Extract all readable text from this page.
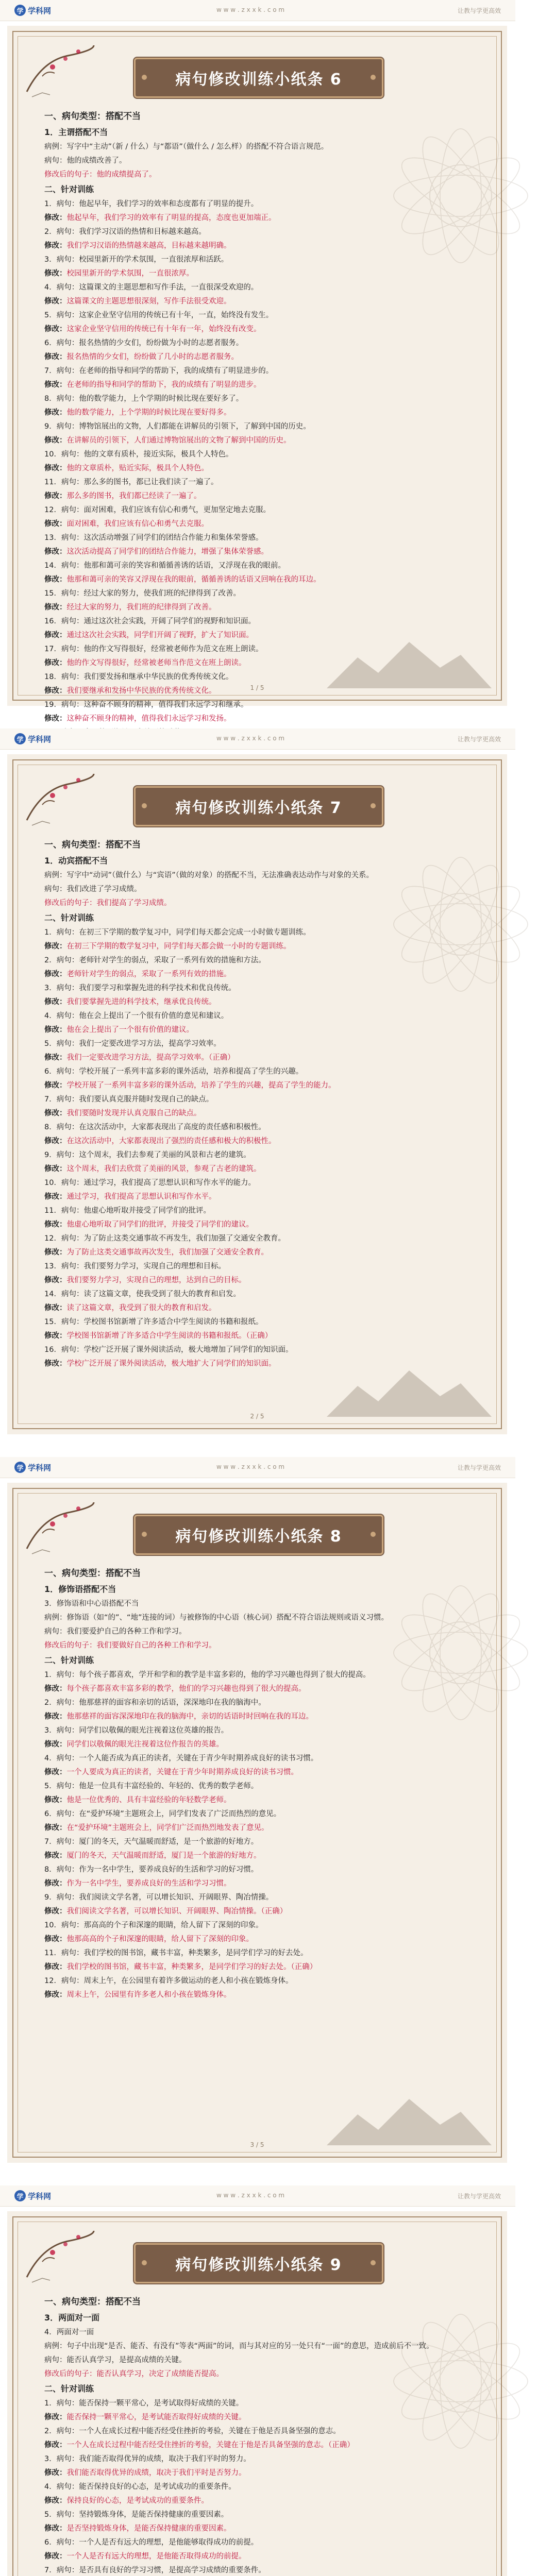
学 学科网	w w w . z x x k . c o m	让教与学更高效
病句修改训练小纸条 6
一、病句类型：搭配不当
1．主谓搭配不当
病例：写字中“主动”（新 / 什么）与“都语”（做什么 / 怎么样）的搭配不符合语言规范。
病句：他的成绩改善了。
修改后的句子：他的成绩提高了。
二、针对训练
1．病句：他起早年，我们学习的效率和态度都有了明显的提升。
修改：他起早年，我们学习的效率有了明显的提高，态度也更加端正。
2．病句：我们学习汉语的热情和目标越来越高。
修改：我们学习汉语的热情越来越高，目标越来越明确。
3．病句：校园里新开的学术氛围，一直很浓厚和活跃。
修改：校园里新开的学术氛围，一直很浓厚。
4．病句：这篇课文的主题思想和写作手法，一直很深受欢迎的。
修改：这篇课文的主题思想很深刻，写作手法很受欢迎。
5．病句：这家企业坚守信用的传统已有十年，一直，始终没有发生。
修改：这家企业坚守信用的传统已有十年有一年，始终没有改变。
6．病句：报名热情的少女们，纷纷做为小时的志愿者服务。
修改：报名热情的少女们，纷纷做了几小时的志愿者服务。
7．病句：在老师的指导和同学的帮助下，我的成绩有了明显进步的。
修改：在老师的指导和同学的帮助下，我的成绩有了明显的进步。
8．病句：他的数学能力，上个学期的时候比现在要好多了。
修改：他的数学能力，上个学期的时候比现在要好得多。
9．病句：博物馆展出的文物，人们都能在讲解员的引领下，了解到中国的历史。
修改：在讲解员的引领下，人们通过博物馆展出的文物了解到中国的历史。
10．病句：他的文章有质朴，接近实际，极具个人特色。
修改：他的文章质朴，贴近实际，极具个人特色。
11．病句：那么多的图书，都已让我们读了一遍了。
修改：那么多的图书，我们都已经读了一遍了。
12．病句：面对困难，我们应该有信心和勇气，更加坚定地去克服。
修改：面对困难，我们应该有信心和勇气去克服。
13．病句：这次活动增强了同学们的团结合作能力和集体荣誉感。
修改：这次活动提高了同学们的团结合作能力，增强了集体荣誉感。
14．病句：他那和蔼可亲的笑容和循循善诱的话语，又浮现在我的眼前。
修改：他那和蔼可亲的笑容又浮现在我的眼前，循循善诱的话语又回响在我的耳边。
15．病句：经过大家的努力，使我们班的纪律得到了改善。
修改：经过大家的努力，我们班的纪律得到了改善。
16．病句：通过这次社会实践，开阔了同学们的视野和知识面。
修改：通过这次社会实践，同学们开阔了视野，扩大了知识面。
17．病句：他的作文写得很好，经常被老师作为范文在班上朗读。
修改：他的作文写得很好，经常被老师当作范文在班上朗读。
18．病句：我们要发扬和继承中华民族的优秀传统文化。
修改：我们要继承和发扬中华民族的优秀传统文化。
19．病句：这种奋不顾身的精神，值得我们永远学习和继承。
修改：这种奋不顾身的精神，值得我们永远学习和发扬。
1 / 5
学 学科网	w w w . z x x k . c o m	让教与学更高效
病句修改训练小纸条 7
一、病句类型：搭配不当
1．动宾搭配不当
病例：写字中“动词”（做什么）与“宾语”（做的对象）的搭配不当，无法准确表达动作与对象的关系。
病句：我们改进了学习成绩。
修改后的句子：我们提高了学习成绩。
二、针对训练
1．病句：在初三下学期的数学复习中，同学们每天都会完成一小时做专题训练。
修改：在初三下学期的数学复习中，同学们每天都会做一小时的专题训练。
2．病句：老师针对学生的弱点，采取了一系列有效的措施和方法。
修改：老师针对学生的弱点，采取了一系列有效的措施。
3．病句：我们要学习和掌握先进的科学技术和优良传统。
修改：我们要掌握先进的科学技术，继承优良传统。
4．病句：他在会上提出了一个很有价值的意见和建议。
修改：他在会上提出了一个很有价值的建议。
5．病句：我们一定要改进学习方法，提高学习效率。
修改：我们一定要改进学习方法，提高学习效率。（正确）
6．病句：学校开展了一系列丰富多彩的课外活动，培养和提高了学生的兴趣。
修改：学校开展了一系列丰富多彩的课外活动，培养了学生的兴趣，提高了学生的能力。
7．病句：我们要认真克服并随时发现自己的缺点。
修改：我们要随时发现并认真克服自己的缺点。
8．病句：在这次活动中，大家都表现出了高度的责任感和积极性。
修改：在这次活动中，大家都表现出了强烈的责任感和极大的积极性。
9．病句：这个周末，我们去参观了美丽的风景和古老的建筑。
修改：这个周末，我们去欣赏了美丽的风景，参观了古老的建筑。
10．病句：通过学习，我们提高了思想认识和写作水平的能力。
修改：通过学习，我们提高了思想认识和写作水平。
11．病句：他虚心地听取并接受了同学们的批评。
修改：他虚心地听取了同学们的批评，并接受了同学们的建议。
12．病句：为了防止这类交通事故不再发生，我们加强了交通安全教育。
修改：为了防止这类交通事故再次发生，我们加强了交通安全教育。
13．病句：我们要努力学习，实现自己的理想和目标。
修改：我们要努力学习，实现自己的理想，达到自己的目标。
14．病句：读了这篇文章，使我受到了很大的教育和启发。
修改：读了这篇文章，我受到了很大的教育和启发。
15．病句：学校图书馆新增了许多适合中学生阅读的书籍和报纸。
修改：学校图书馆新增了许多适合中学生阅读的书籍和报纸。（正确）
16．病句：学校广泛开展了课外阅读活动，极大地增加了同学们的知识面。
修改：学校广泛开展了课外阅读活动，极大地扩大了同学们的知识面。
2 / 5
学 学科网	w w w . z x x k . c o m	让教与学更高效
病句修改训练小纸条 8
一、病句类型：搭配不当
1．修饰语搭配不当
3．修饰语和中心语搭配不当
病例：修饰语（如“的”、“地”连接的词）与被修饰的中心语（核心词）搭配不符合语法规则或语义习惯。
病句：我们要爱护自己的各种工作和学习。
修改后的句子：我们要做好自己的各种工作和学习。
二、针对训练
1．病句：每个孩子都喜欢，学开和学和的教学是丰富多彩的，他的学习兴趣也得到了很大的提高。
修改：每个孩子都喜欢丰富多彩的教学，他们的学习兴趣也得到了很大的提高。
2．病句：他那慈祥的面容和亲切的话语，深深地印在我的脑海中。
修改：他那慈祥的面容深深地印在我的脑海中，亲切的话语时时回响在我的耳边。
3．病句：同学们以敬佩的眼光注视着这位英雄的报告。
修改：同学们以敬佩的眼光注视着这位作报告的英雄。
4．病句：一个人能否成为真正的读者，关键在于青少年时期养成良好的读书习惯。
修改：一个人要成为真正的读者，关键在于青少年时期养成良好的读书习惯。
5．病句：他是一位具有丰富经验的、年轻的、优秀的数学老师。
修改：他是一位优秀的、具有丰富经验的年轻数学老师。
6．病句：在“爱护环境”主题班会上，同学们发表了广泛而热烈的意见。
修改：在“爱护环境”主题班会上，同学们广泛而热烈地发表了意见。
7．病句：厦门的冬天，天气温暖而舒适，是一个旅游的好地方。
修改：厦门的冬天，天气温暖而舒适，厦门是一个旅游的好地方。
8．病句：作为一名中学生，要养成良好的生活和学习的好习惯。
修改：作为一名中学生，要养成良好的生活和学习习惯。
9．病句：我们阅读文学名著，可以增长知识、开阔眼界、陶冶情操。
修改：我们阅读文学名著，可以增长知识、开阔眼界、陶冶情操。（正确）
10．病句：那高高的个子和深邃的眼睛，给人留下了深刻的印象。
修改：他那高高的个子和深邃的眼睛，给人留下了深刻的印象。
11．病句：我们学校的图书馆，藏书丰富，种类繁多，是同学们学习的好去处。
修改：我们学校的图书馆，藏书丰富，种类繁多，是同学们学习的好去处。（正确）
12．病句：周末上午，在公园里有着许多做运动的老人和小孩在锻炼身体。
修改：周末上午，公园里有许多老人和小孩在锻炼身体。
3 / 5
学 学科网	w w w . z x x k . c o m	让教与学更高效
病句修改训练小纸条 9
一、病句类型：搭配不当
3．两面对一面
4．两面对一面
病例：句子中出现“是否、能否、有没有”等表“两面”的词，而与其对应的另一处只有“一面”的意思，造成前后不一致。
病句：能否认真学习，是提高成绩的关键。
修改后的句子：能否认真学习，决定了成绩能否提高。
二、针对训练
1．病句：能否保持一颗平常心，是考试取得好成绩的关键。
修改：能否保持一颗平常心，是考试能否取得好成绩的关键。
2．病句：一个人在成长过程中能否经受住挫折的考验，关键在于他是否具备坚强的意志。
修改：一个人在成长过程中能否经受住挫折的考验，关键在于他是否具备坚强的意志。（正确）
3．病句：我们能否取得优异的成绩，取决于我们平时的努力。
修改：我们能否取得优异的成绩，取决于我们平时是否努力。
4．病句：能否保持良好的心态，是考试成功的重要条件。
修改：保持良好的心态，是考试成功的重要条件。
5．病句：坚持锻炼身体，是能否保持健康的重要因素。
修改：是否坚持锻炼身体，是能否保持健康的重要因素。
6．病句：一个人是否有远大的理想，是他能够取得成功的前提。
修改：一个人是否有远大的理想，是他能否取得成功的前提。
7．病句：是否具有良好的学习习惯，是提高学习成绩的重要条件。
